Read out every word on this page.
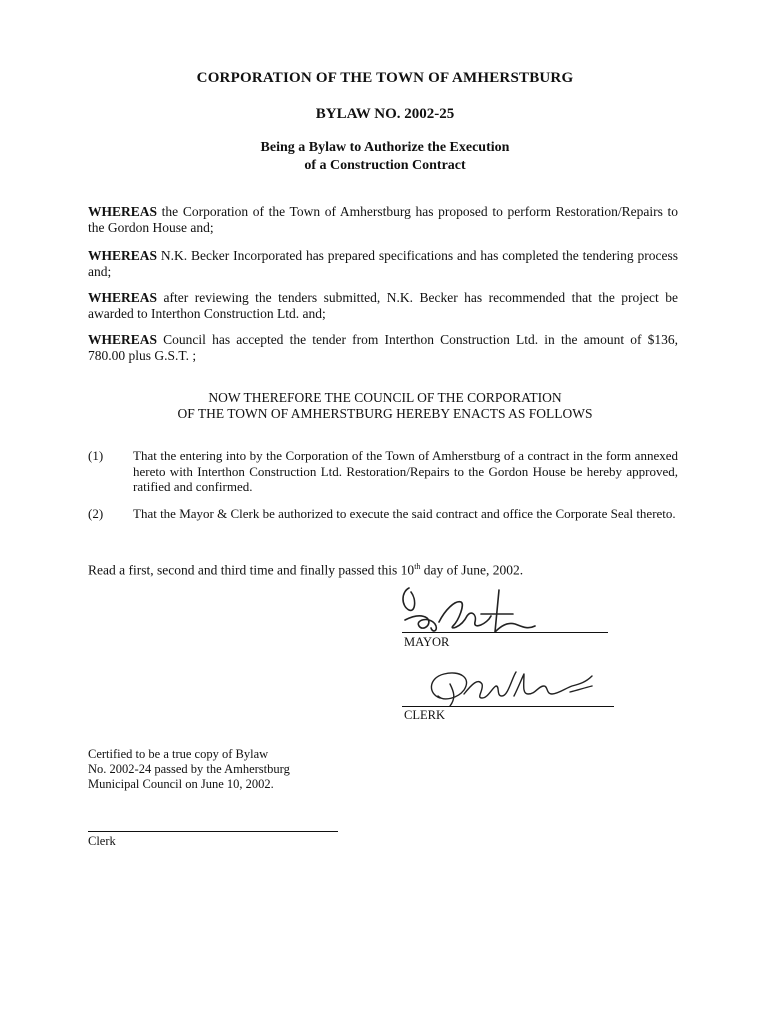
CORPORATION OF THE TOWN OF AMHERSTBURG
BYLAW NO. 2002-25
Being a Bylaw to Authorize the Execution
of a Construction Contract
WHEREAS the Corporation of the Town of Amherstburg has proposed to perform Restoration/Repairs to the Gordon House and;
WHEREAS N.K. Becker Incorporated has prepared specifications and has completed the tendering process and;
WHEREAS after reviewing the tenders submitted, N.K. Becker has recommended that the project be awarded to Interthon Construction Ltd. and;
WHEREAS Council has accepted the tender from Interthon Construction Ltd. in the amount of $136, 780.00 plus G.S.T. ;
NOW THEREFORE THE COUNCIL OF THE CORPORATION
OF THE TOWN OF AMHERSTBURG HEREBY ENACTS AS FOLLOWS
(1)	That the entering into by the Corporation of the Town of Amherstburg of a contract in the form annexed hereto with Interthon Construction Ltd. Restoration/Repairs to the Gordon House be hereby approved, ratified and confirmed.
(2)	That the Mayor & Clerk be authorized to execute the said contract and office the Corporate Seal thereto.
Read a first, second and third time and finally passed this 10th day of June, 2002.
MAYOR
CLERK
Certified to be a true copy of Bylaw
No. 2002-24 passed by the Amherstburg
Municipal Council on June 10, 2002.
Clerk
